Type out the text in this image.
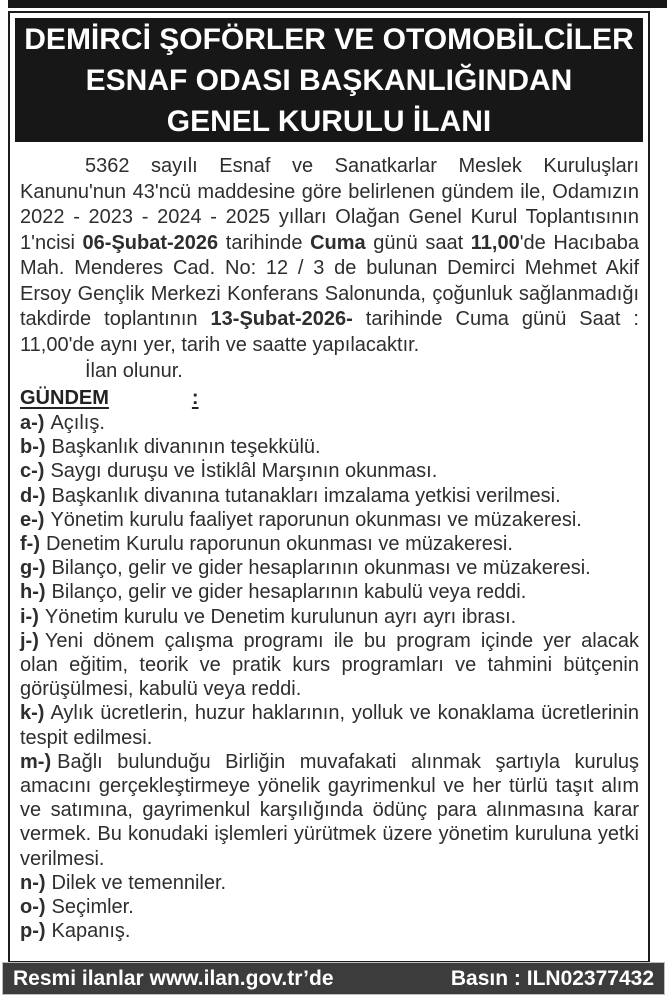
DEMİRCİ ŞOFÖRLER VE OTOMOBİLCİLER
ESNAF ODASI BAŞKANLIĞINDAN
GENEL KURULU İLANI

5362 sayılı Esnaf ve Sanatkarlar Meslek Kuruluşları Kanunu'nun 43'ncü maddesine göre belirlenen gündem ile, Odamızın 2022 - 2023 - 2024 - 2025 yılları Olağan Genel Kurul Toplantısının 1'ncisi 06-Şubat-2026 tarihinde Cuma günü saat 11,00'de Hacıbaba Mah. Menderes Cad. No: 12 / 3 de bulunan Demirci Mehmet Akif Ersoy Gençlik Merkezi Konferans Salonunda, çoğunluk sağlanmadığı takdirde toplantının 13-Şubat-2026- tarihinde Cuma günü Saat : 11,00'de aynı yer, tarih ve saatte yapılacaktır.

İlan olunur.

GÜNDEM	:

a-) Açılış.

b-) Başkanlık divanının teşekkülü.

c-) Saygı duruşu ve İstiklâl Marşının okunması.

d-) Başkanlık divanına tutanakları imzalama yetkisi verilmesi.

e-) Yönetim kurulu faaliyet raporunun okunması ve müzakeresi.

f-) Denetim Kurulu raporunun okunması ve müzakeresi.

g-) Bilanço, gelir ve gider hesaplarının okunması ve müzakeresi.

h-) Bilanço, gelir ve gider hesaplarının kabulü veya reddi.

i-) Yönetim kurulu ve Denetim kurulunun ayrı ayrı ibrası.

j-) Yeni dönem çalışma programı ile bu program içinde yer alacak olan eğitim, teorik ve pratik kurs programları ve tahmini bütçenin görüşülmesi, kabulü veya reddi.

k-) Aylık ücretlerin, huzur haklarının, yolluk ve konaklama ücretlerinin tespit edilmesi.

m-) Bağlı bulunduğu Birliğin muvafakati alınmak şartıyla kuruluş amacını gerçekleştirmeye yönelik gayrimenkul ve her türlü taşıt alım ve satımına, gayrimenkul karşılığında ödünç para alınmasına karar vermek. Bu konudaki işlemleri yürütmek üzere yönetim kuruluna yetki verilmesi.

n-) Dilek ve temenniler.

o-) Seçimler.

p-) Kapanış.

Resmi ilanlar www.ilan.gov.tr’de	Basın : ILN02377432
